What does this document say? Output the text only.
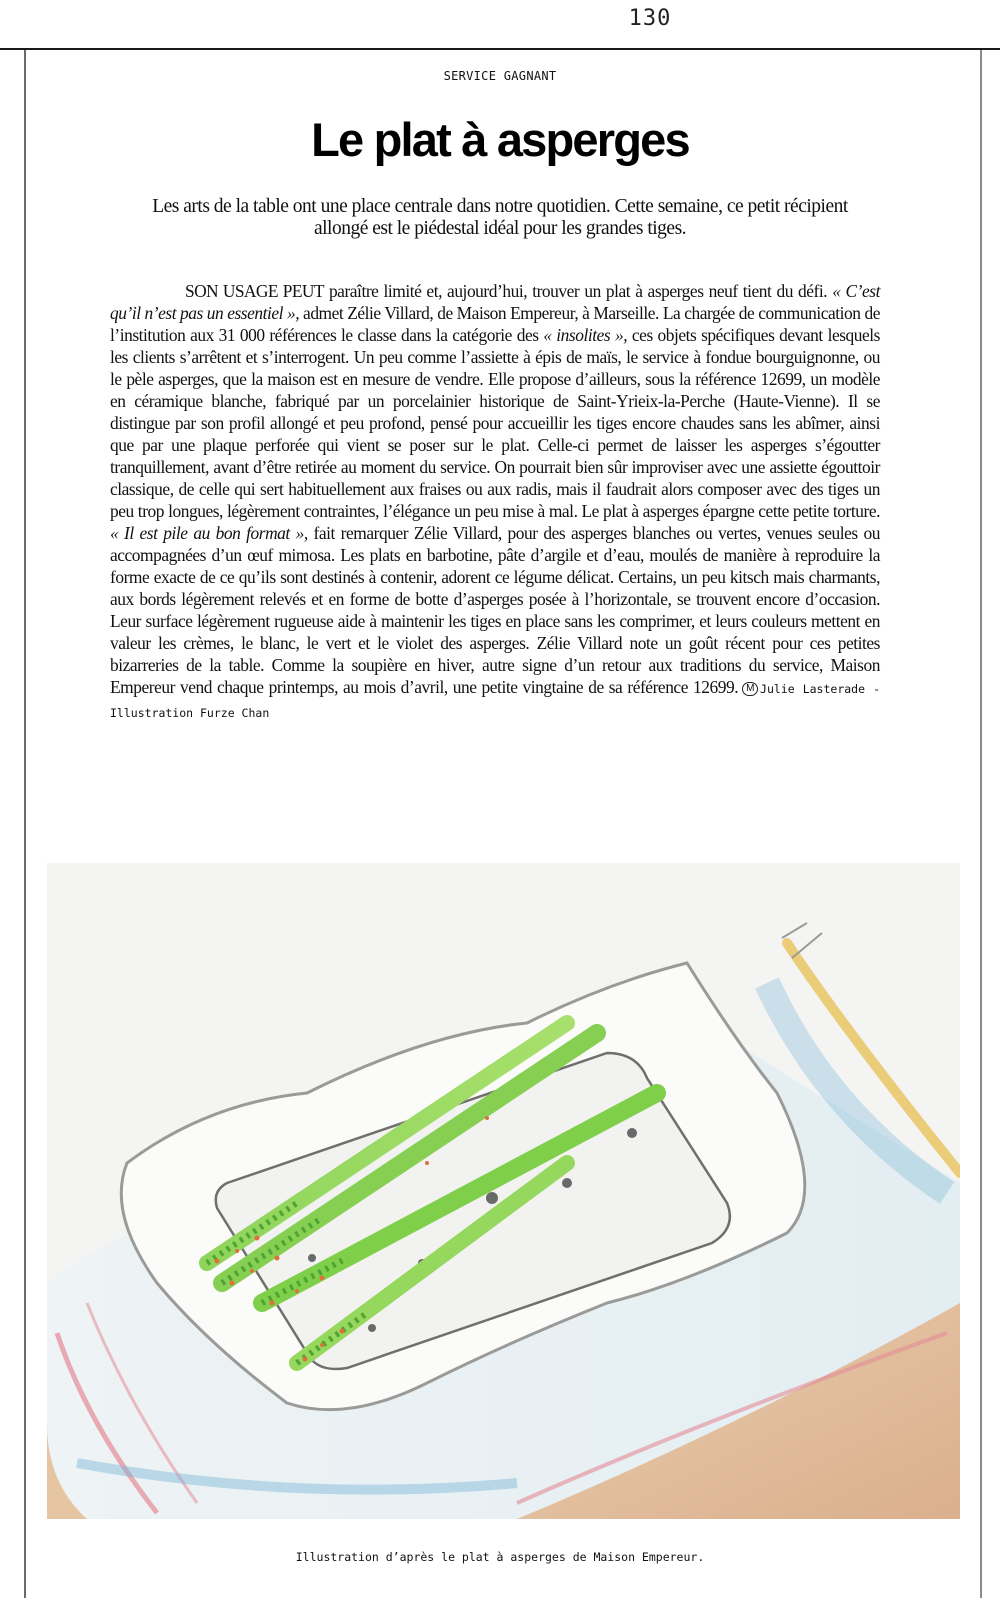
130
SERVICE GAGNANT
Le plat à asperges
Les arts de la table ont une place centrale dans notre quotidien. Cette semaine, ce petit récipient allongé est le piédestal idéal pour les grandes tiges.

SON USAGE PEUT paraître limité et, aujourd’hui, trouver un plat à asperges neuf tient du défi. « C’est qu’il n’est pas un essentiel », admet Zélie Villard, de Maison Empereur, à Marseille. La chargée de communication de l’institution aux 31 000 références le classe dans la catégorie des « insolites », ces objets spécifiques devant lesquels les clients s’arrêtent et s’interrogent. Un peu comme l’assiette à épis de maïs, le service à fondue bourguignonne, ou le pèle asperges, que la maison est en mesure de vendre. Elle propose d’ailleurs, sous la référence 12699, un modèle en céramique blanche, fabriqué par un porcelainier historique de Saint-Yrieix-la-Perche (Haute-Vienne). Il se distingue par son profil allongé et peu profond, pensé pour accueillir les tiges encore chaudes sans les abîmer, ainsi que par une plaque perforée qui vient se poser sur le plat. Celle-ci permet de laisser les asperges s’égoutter tranquillement, avant d’être retirée au moment du service. On pourrait bien sûr improviser avec une assiette égouttoir classique, de celle qui sert habituellement aux fraises ou aux radis, mais il faudrait alors composer avec des tiges un peu trop longues, légèrement contraintes, l’élégance un peu mise à mal. Le plat à asperges épargne cette petite torture. « Il est pile au bon format », fait remarquer Zélie Villard, pour des asperges blanches ou vertes, venues seules ou accompagnées d’un œuf mimosa. Les plats en barbotine, pâte d’argile et d’eau, moulés de manière à reproduire la forme exacte de ce qu’ils sont destinés à contenir, adorent ce légume délicat. Certains, un peu kitsch mais charmants, aux bords légèrement relevés et en forme de botte d’asperges posée à l’horizontale, se trouvent encore d’occasion. Leur surface légèrement rugueuse aide à maintenir les tiges en place sans les comprimer, et leurs couleurs mettent en valeur les crèmes, le blanc, le vert et le violet des asperges. Zélie Villard note un goût récent pour ces petites bizarreries de la table. Comme la soupière en hiver, autre signe d’un retour aux traditions du service, Maison Empereur vend chaque printemps, au mois d’avril, une petite vingtaine de sa référence 12699. M Julie Lasterade - Illustration Furze Chan

Illustration d’après le plat à asperges de Maison Empereur.
